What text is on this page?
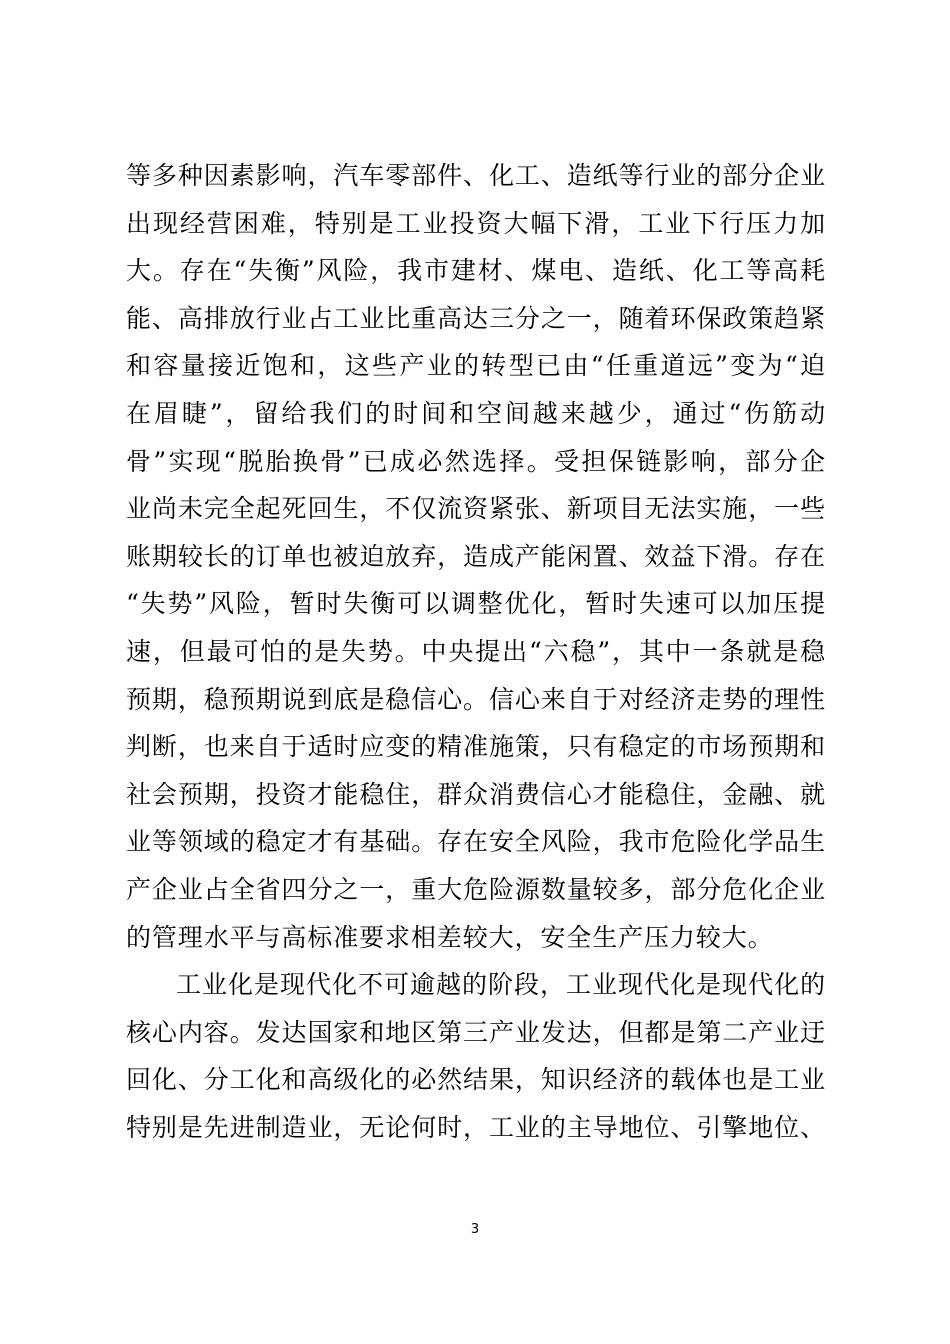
等多种因素影响，汽车零部件、化工、造纸等行业的部分企业
出现经营困难，特别是工业投资大幅下滑，工业下行压力加
大。存在“失衡”风险，我市建材、煤电、造纸、化工等高耗
能、高排放行业占工业比重高达三分之一，随着环保政策趋紧
和容量接近饱和，这些产业的转型已由“任重道远”变为“迫
在眉睫”，留给我们的时间和空间越来越少，通过“伤筋动
骨”实现“脱胎换骨”已成必然选择。受担保链影响，部分企
业尚未完全起死回生，不仅流资紧张、新项目无法实施，一些
账期较长的订单也被迫放弃，造成产能闲置、效益下滑。存在
“失势”风险，暂时失衡可以调整优化，暂时失速可以加压提
速，但最可怕的是失势。中央提出“六稳”，其中一条就是稳
预期，稳预期说到底是稳信心。信心来自于对经济走势的理性
判断，也来自于适时应变的精准施策，只有稳定的市场预期和
社会预期，投资才能稳住，群众消费信心才能稳住，金融、就
业等领域的稳定才有基础。存在安全风险，我市危险化学品生
产企业占全省四分之一，重大危险源数量较多，部分危化企业
的管理水平与高标准要求相差较大，安全生产压力较大。
工业化是现代化不可逾越的阶段，工业现代化是现代化的
核心内容。发达国家和地区第三产业发达，但都是第二产业迂
回化、分工化和高级化的必然结果，知识经济的载体也是工业
特别是先进制造业，无论何时，工业的主导地位、引擎地位、
3
